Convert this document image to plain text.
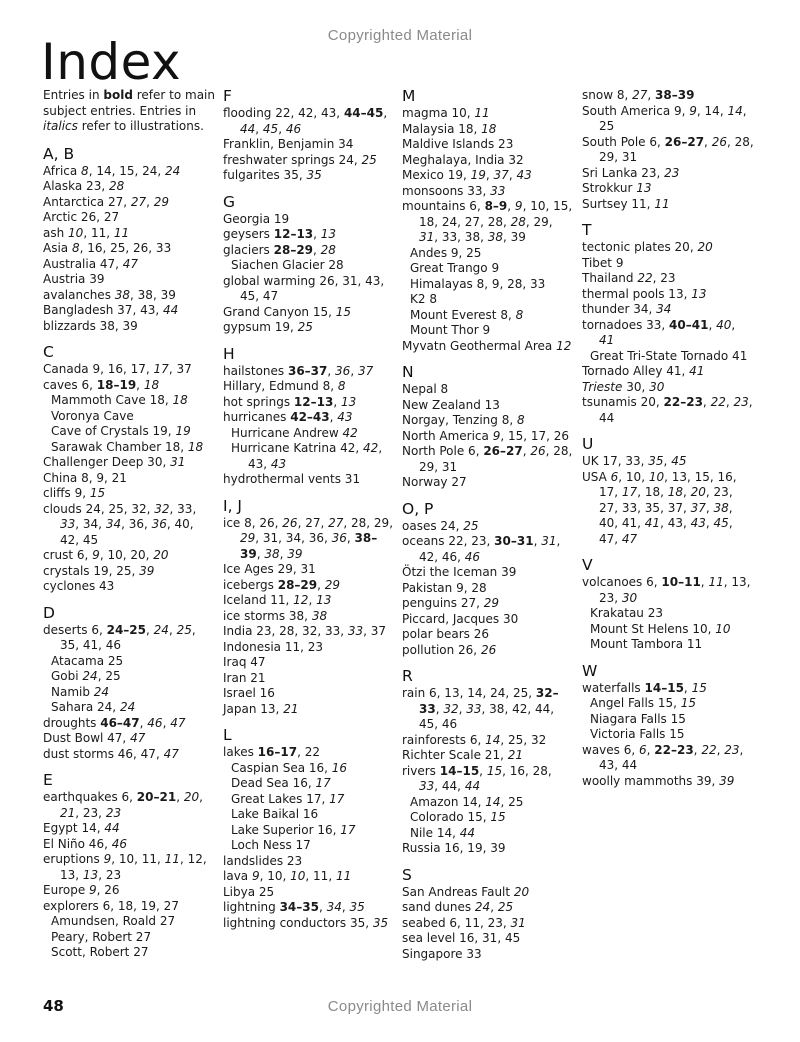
Copyrighted Material
Index

Entries in bold refer to main subject entries. Entries in italics refer to illustrations.

A, B
Africa 8, 14, 15, 24, 24
Alaska 23, 28
Antarctica 27, 27, 29
Arctic 26, 27
ash 10, 11, 11
Asia 8, 16, 25, 26, 33
Australia 47, 47
Austria 39
avalanches 38, 38, 39
Bangladesh 37, 43, 44
blizzards 38, 39
C
Canada 9, 16, 17, 17, 37
caves 6, 18–19, 18
Mammoth Cave 18, 18
Voronya Cave
Cave of Crystals 19, 19
Sarawak Chamber 18, 18
Challenger Deep 30, 31
China 8, 9, 21
cliffs 9, 15
clouds 24, 25, 32, 32, 33, 33, 34, 34, 36, 36, 40, 42, 45
crust 6, 9, 10, 20, 20
crystals 19, 25, 39
cyclones 43
D
deserts 6, 24–25, 24, 25, 35, 41, 46
Atacama 25
Gobi 24, 25
Namib 24
Sahara 24, 24
droughts 46–47, 46, 47
Dust Bowl 47, 47
dust storms 46, 47, 47
E
earthquakes 6, 20–21, 20, 21, 23, 23
Egypt 14, 44
El Niño 46, 46
eruptions 9, 10, 11, 11, 12, 13, 13, 23
Europe 9, 26
explorers 6, 18, 19, 27
Amundsen, Roald 27
Peary, Robert 27
Scott, Robert 27
F
flooding 22, 42, 43, 44–45, 44, 45, 46
Franklin, Benjamin 34
freshwater springs 24, 25
fulgarites 35, 35
G
Georgia 19
geysers 12–13, 13
glaciers 28–29, 28
Siachen Glacier 28
global warming 26, 31, 43, 45, 47
Grand Canyon 15, 15
gypsum 19, 25
H
hailstones 36–37, 36, 37
Hillary, Edmund 8, 8
hot springs 12–13, 13
hurricanes 42–43, 43
Hurricane Andrew 42
Hurricane Katrina 42, 42, 43, 43
hydrothermal vents 31
I, J
ice 8, 26, 26, 27, 27, 28, 29, 29, 31, 34, 36, 36, 38–39, 38, 39
Ice Ages 29, 31
icebergs 28–29, 29
Iceland 11, 12, 13
ice storms 38, 38
India 23, 28, 32, 33, 33, 37
Indonesia 11, 23
Iraq 47
Iran 21
Israel 16
Japan 13, 21
L
lakes 16–17, 22
Caspian Sea 16, 16
Dead Sea 16, 17
Great Lakes 17, 17
Lake Baikal 16
Lake Superior 16, 17
Loch Ness 17
landslides 23
lava 9, 10, 10, 11, 11
Libya 25
lightning 34–35, 34, 35
lightning conductors 35, 35
M
magma 10, 11
Malaysia 18, 18
Maldive Islands 23
Meghalaya, India 32
Mexico 19, 19, 37, 43
monsoons 33, 33
mountains 6, 8–9, 9, 10, 15, 18, 24, 27, 28, 28, 29, 31, 33, 38, 38, 39
Andes 9, 25
Great Trango 9
Himalayas 8, 9, 28, 33
K2 8
Mount Everest 8, 8
Mount Thor 9
Myvatn Geothermal Area 12
N
Nepal 8
New Zealand 13
Norgay, Tenzing 8, 8
North America 9, 15, 17, 26
North Pole 6, 26–27, 26, 28, 29, 31
Norway 27
O, P
oases 24, 25
oceans 22, 23, 30–31, 31, 42, 46, 46
Ötzi the Iceman 39
Pakistan 9, 28
penguins 27, 29
Piccard, Jacques 30
polar bears 26
pollution 26, 26
R
rain 6, 13, 14, 24, 25, 32–33, 32, 33, 38, 42, 44, 45, 46
rainforests 6, 14, 25, 32
Richter Scale 21, 21
rivers 14–15, 15, 16, 28, 33, 44, 44
Amazon 14, 14, 25
Colorado 15, 15
Nile 14, 44
Russia 16, 19, 39
S
San Andreas Fault 20
sand dunes 24, 25
seabed 6, 11, 23, 31
sea level 16, 31, 45
Singapore 33
snow 8, 27, 38–39
South America 9, 9, 14, 14, 25
South Pole 6, 26–27, 26, 28, 29, 31
Sri Lanka 23, 23
Strokkur 13
Surtsey 11, 11
T
tectonic plates 20, 20
Tibet 9
Thailand 22, 23
thermal pools 13, 13
thunder 34, 34
tornadoes 33, 40–41, 40, 41
Great Tri-State Tornado 41
Tornado Alley 41, 41
Trieste 30, 30
tsunamis 20, 22–23, 22, 23, 44
U
UK 17, 33, 35, 45
USA 6, 10, 10, 13, 15, 16, 17, 17, 18, 18, 20, 23, 27, 33, 35, 37, 37, 38, 40, 41, 41, 43, 43, 45, 47, 47
V
volcanoes 6, 10–11, 11, 13, 23, 30
Krakatau 23
Mount St Helens 10, 10
Mount Tambora 11
W
waterfalls 14–15, 15
Angel Falls 15, 15
Niagara Falls 15
Victoria Falls 15
waves 6, 6, 22–23, 22, 23, 43, 44
woolly mammoths 39, 39
48	Copyrighted Material
